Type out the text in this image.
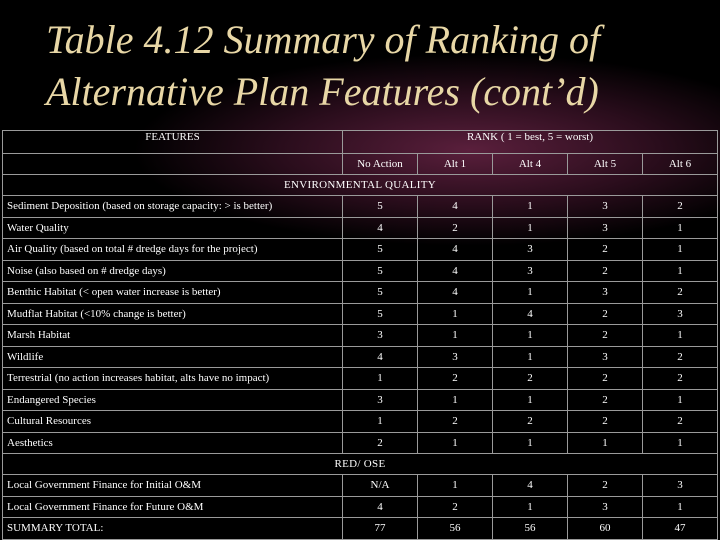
Table 4.12 Summary of Ranking of
Alternative Plan Features (cont’d)
FEATURES	RANK ( 1 = best, 5 = worst)				
	No Action	Alt 1	Alt 4	Alt 5	Alt 6
ENVIRONMENTAL QUALITY					
Sediment Deposition (based on storage capacity: > is better)	5	4	1	3	2
Water Quality	4	2	1	3	1
Air Quality (based on total # dredge days for the project)	5	4	3	2	1
Noise (also based on # dredge days)	5	4	3	2	1
Benthic Habitat (< open water increase is better)	5	4	1	3	2
Mudflat Habitat (<10% change is better)	5	1	4	2	3
Marsh Habitat	3	1	1	2	1
Wildlife	4	3	1	3	2
Terrestrial (no action increases habitat, alts have no impact)	1	2	2	2	2
Endangered Species	3	1	1	2	1
Cultural Resources	1	2	2	2	2
Aesthetics	2	1	1	1	1
RED/ OSE					
Local Government Finance for Initial O&M	N/A	1	4	2	3
Local Government Finance for Future O&M	4	2	1	3	1
SUMMARY TOTAL:	77	56	56	60	47
